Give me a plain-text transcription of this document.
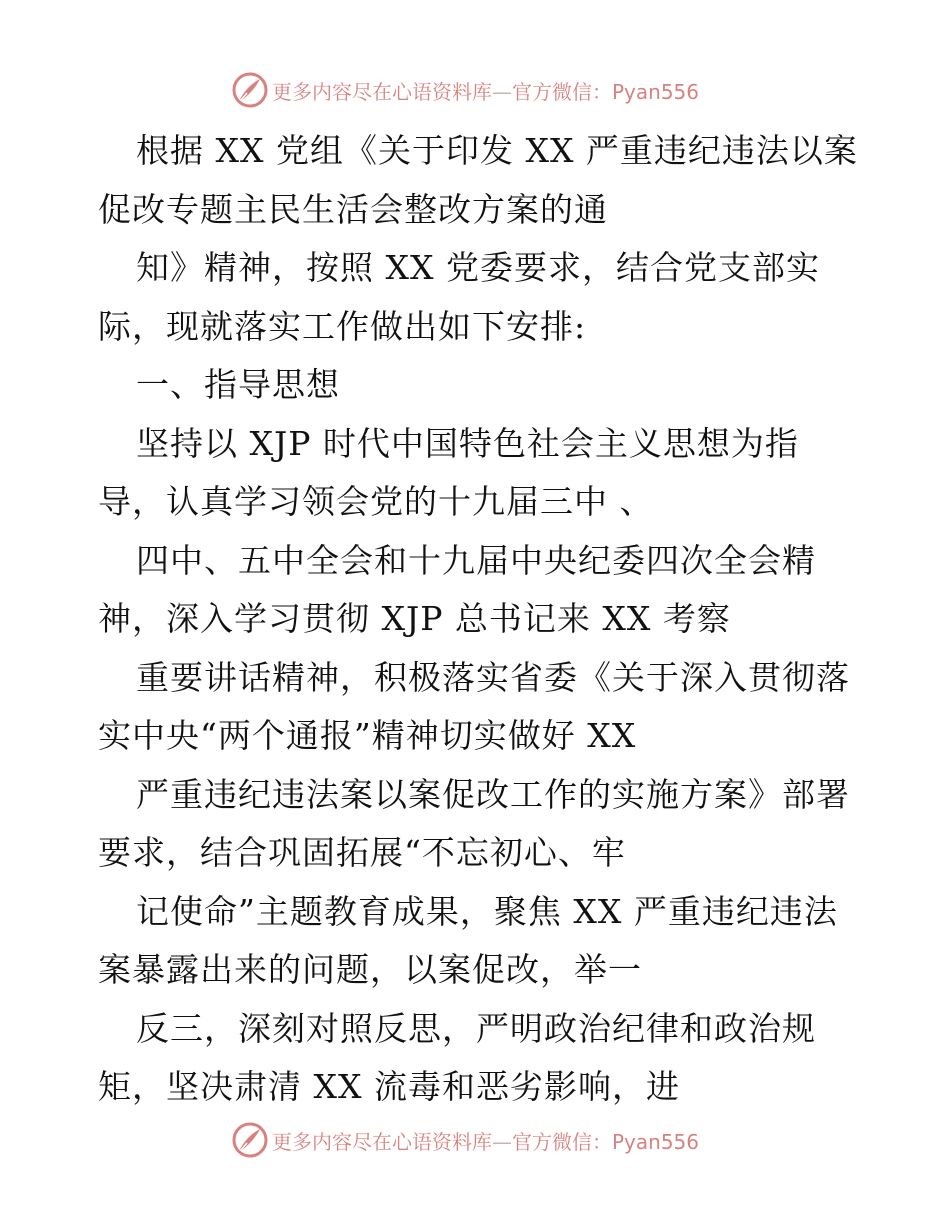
更多内容尽在心语资料库—官方微信：Pyan556
根据 XX 党组《关于印发 XX 严重违纪违法以案
促改专题主民生活会整改方案的通
知》精神，按照 XX 党委要求，结合党支部实
际，现就落实工作做出如下安排:
一、指导思想
坚持以 XJP 时代中国特色社会主义思想为指
导，认真学习领会党的十九届三中 、
四中、五中全会和十九届中央纪委四次全会精
神，深入学习贯彻 XJP 总书记来 XX 考察
重要讲话精神，积极落实省委《关于深入贯彻落
实中央“两个通报”精神切实做好 XX
严重违纪违法案以案促改工作的实施方案》部署
要求，结合巩固拓展“不忘初心、牢
记使命”主题教育成果，聚焦 XX 严重违纪违法
案暴露出来的问题，以案促改，举一
反三，深刻对照反思，严明政治纪律和政治规
矩，坚决肃清 XX 流毒和恶劣影响，进
更多内容尽在心语资料库—官方微信：Pyan556
